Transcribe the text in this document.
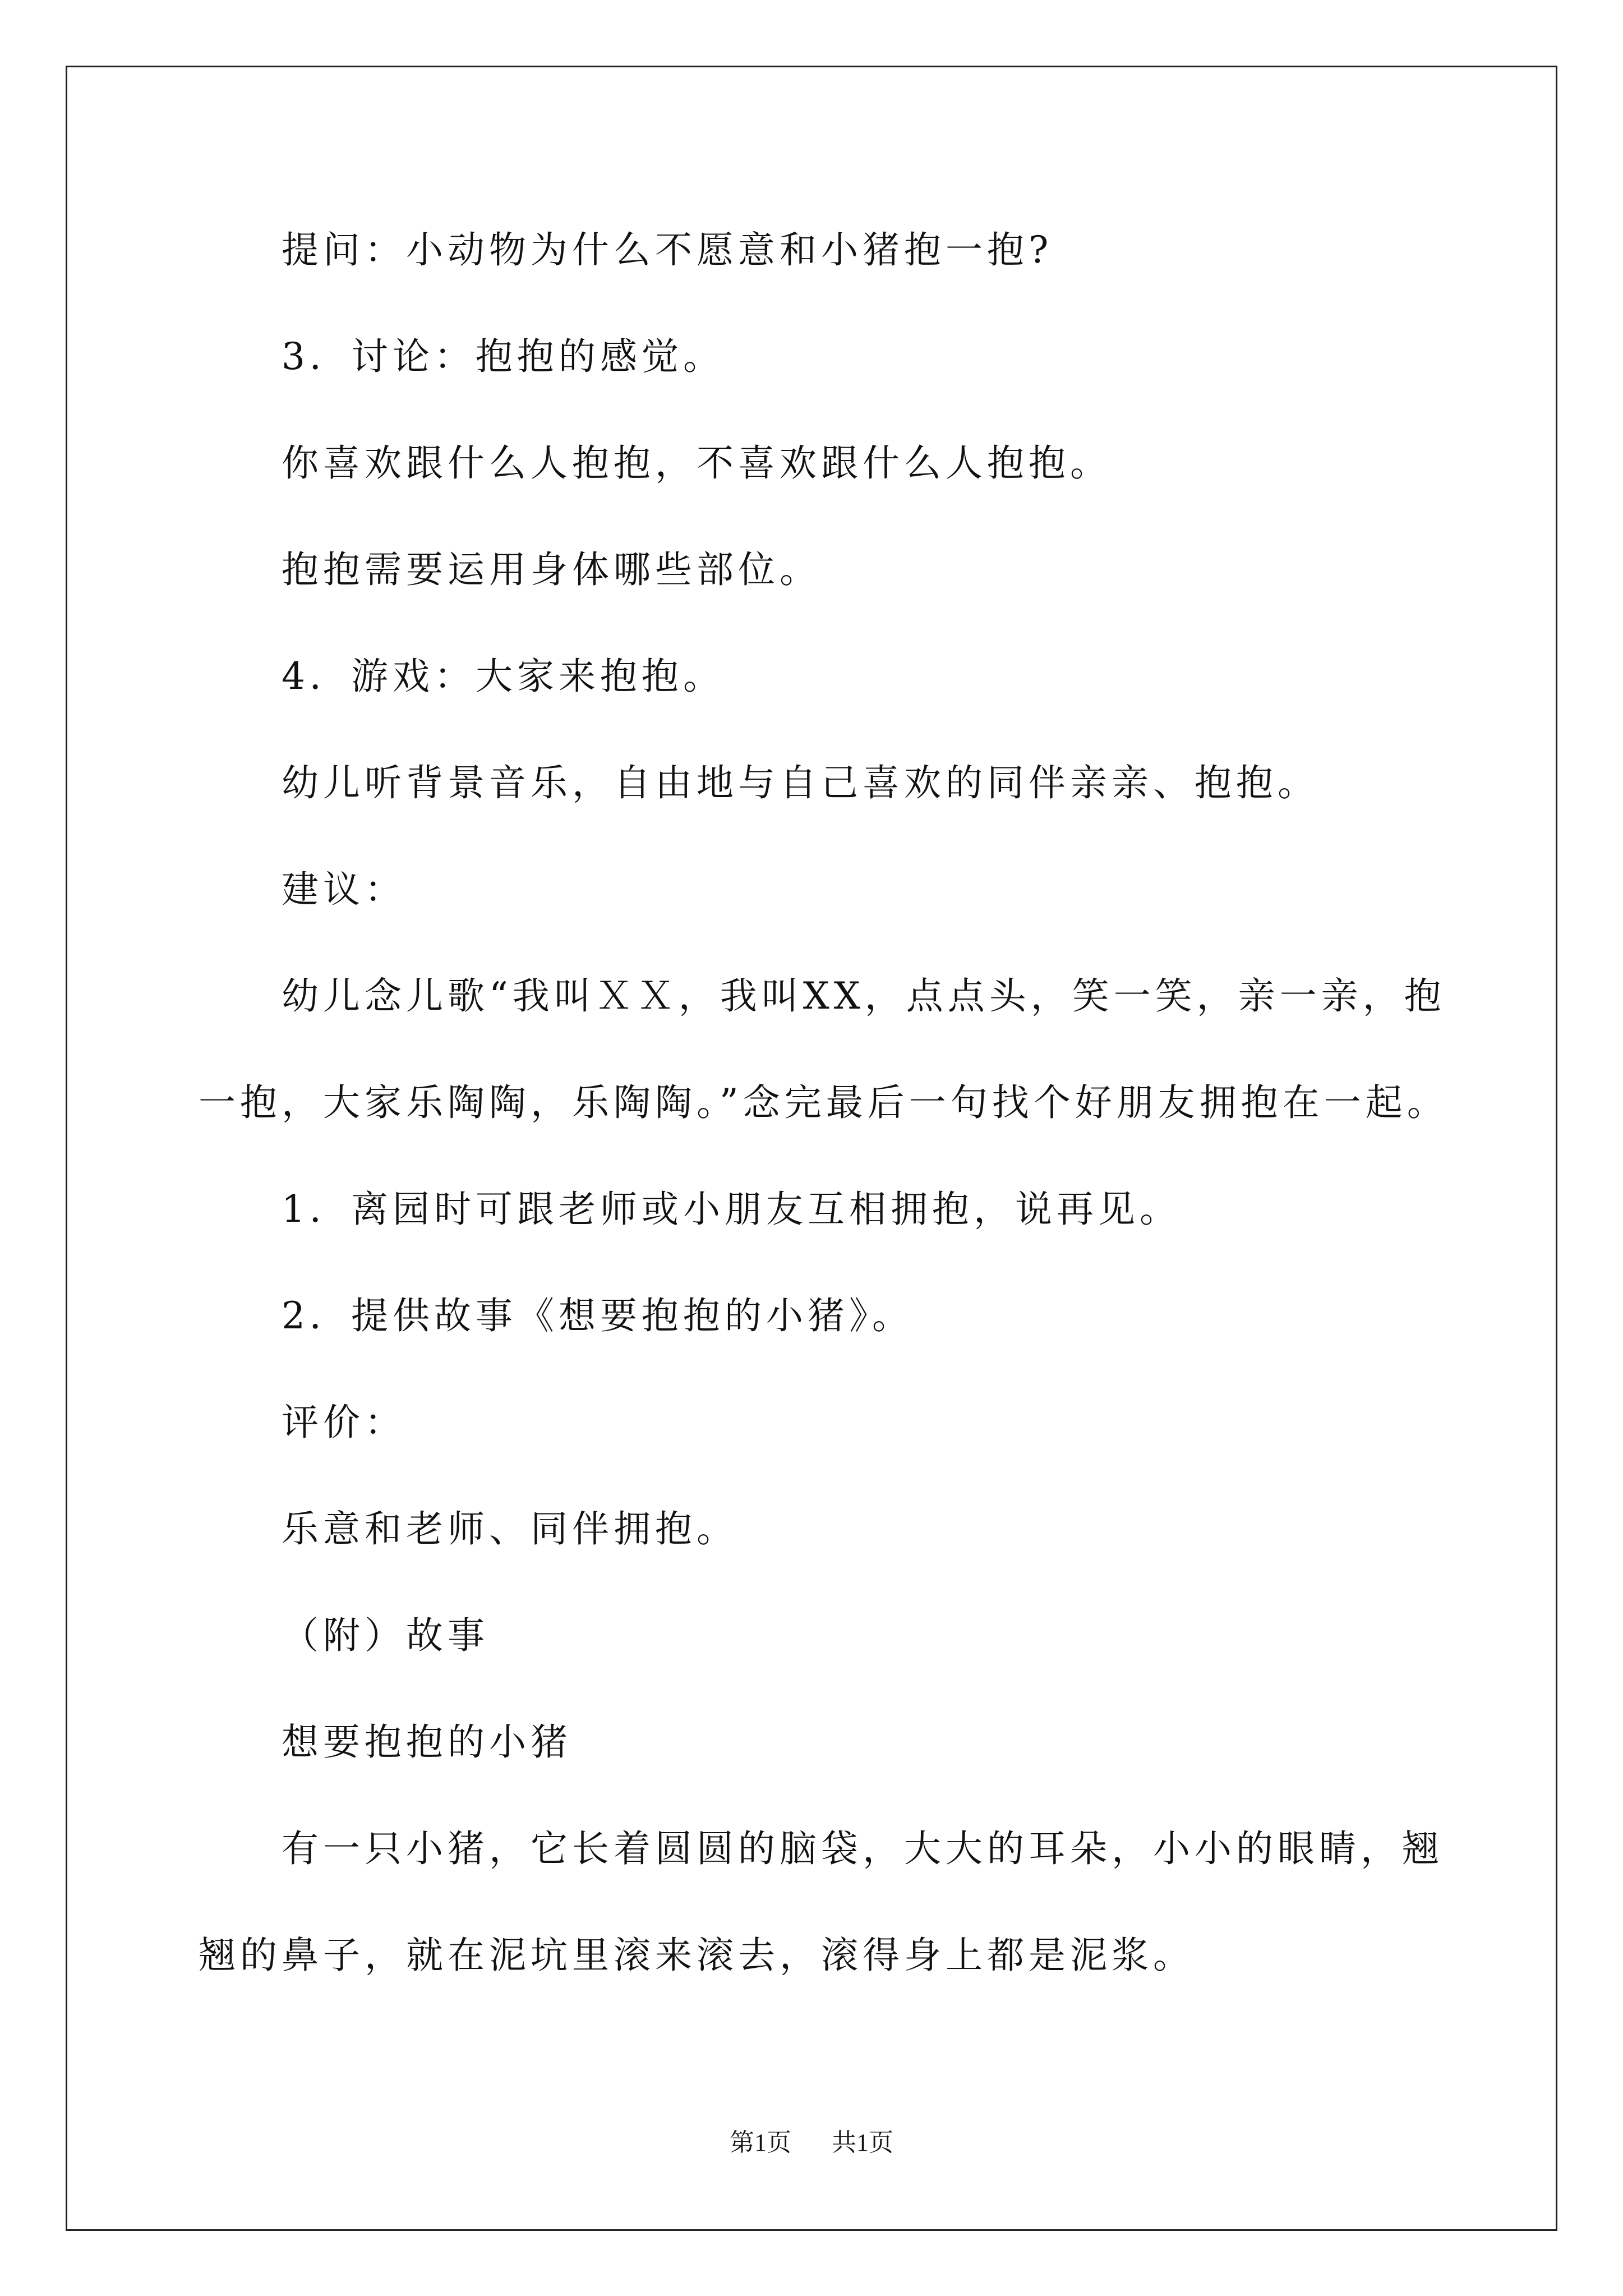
提问：小动物为什么不愿意和小猪抱一抱?

3．讨论：抱抱的感觉。

你喜欢跟什么人抱抱，不喜欢跟什么人抱抱。

抱抱需要运用身体哪些部位。

4．游戏：大家来抱抱。

幼儿听背景音乐，自由地与自己喜欢的同伴亲亲、抱抱。

建议：

幼儿念儿歌“我叫ＸＸ，我叫XX，点点头，笑一笑，亲一亲，抱
一抱，大家乐陶陶，乐陶陶。”念完最后一句找个好朋友拥抱在一起。

1．离园时可跟老师或小朋友互相拥抱，说再见。

2．提供故事《想要抱抱的小猪》。

评价：

乐意和老师、同伴拥抱。

（附）故事

想要抱抱的小猪

有一只小猪，它长着圆圆的脑袋，大大的耳朵，小小的眼睛，翘
翘的鼻子，就在泥坑里滚来滚去，滚得身上都是泥浆。

第1页 共1页
